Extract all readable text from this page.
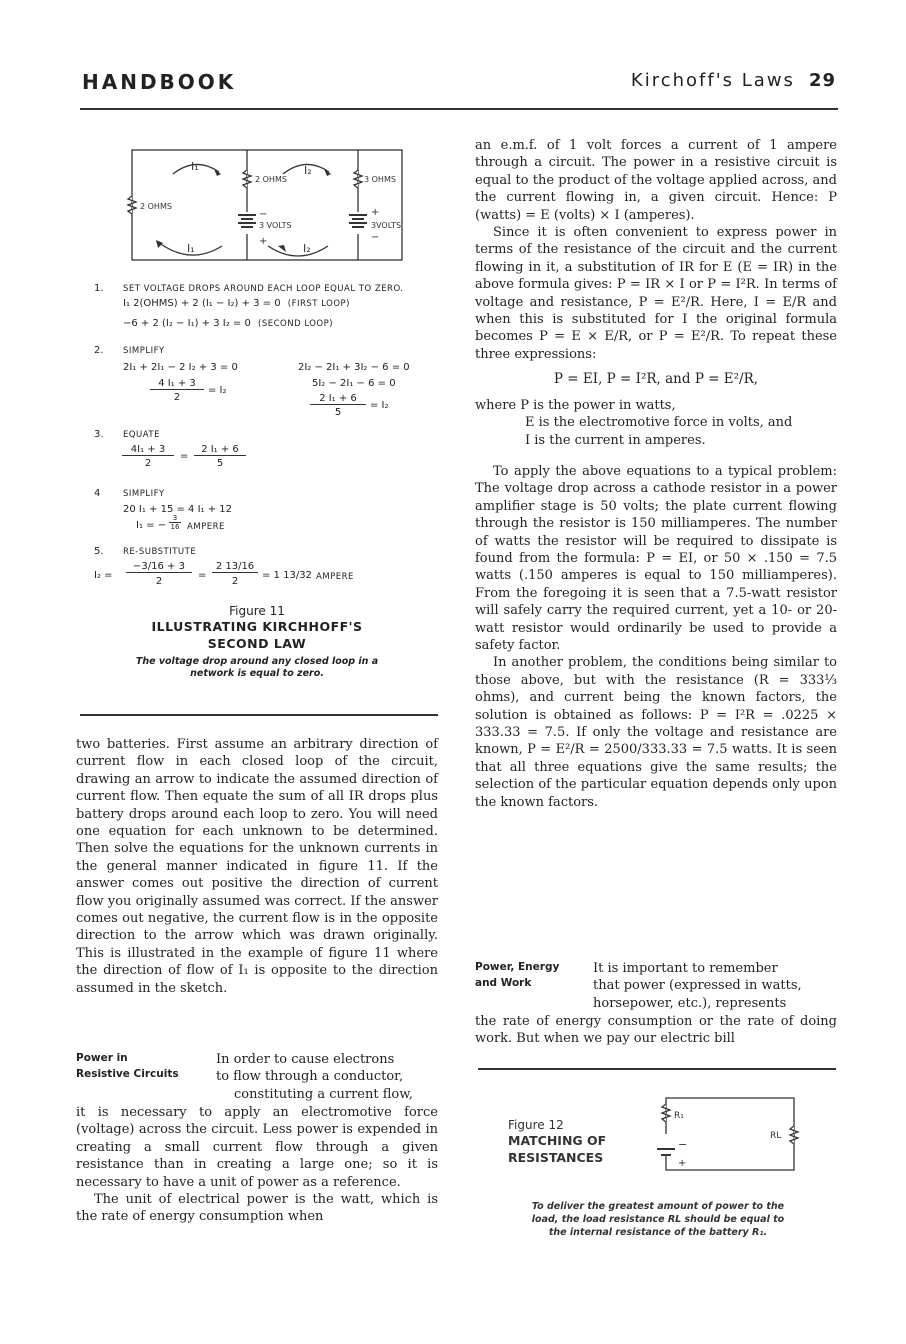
HANDBOOK	Kirchoff's Laws 29
I₁
2 OHMS
I₂
3 OHMS
2 OHMS
3 VOLTS	3VOLTS
−
+
+
−
I₁	I₂
1. SET VOLTAGE DROPS AROUND EACH LOOP EQUAL TO ZERO.
I₁ 2(OHMS) + 2 (I₁ − I₂) + 3 = 0 (FIRST LOOP)
−6 + 2 (I₂ − I₁) + 3 I₂ = 0 (SECOND LOOP)
2. SIMPLIFY
2I₁ + 2I₁ − 2 I₂ + 3 = 0
4 I₁ + 3
2
= I₂
2I₂ − 2I₁ + 3I₂ − 6 = 0
5I₂ − 2I₁ − 6 = 0
2 I₁ + 6
5
= I₂
3. EQUATE
4I₁ + 3
2
=
2 I₁ + 6
5
4	SIMPLIFY
20 I₁ + 15 = 4 I₁ + 12
I₁ = −
3
16 AMPERE
5. RE-SUBSTITUTE
I₂ =
−3/16 + 3
2
=
2 13/16
2
= 1 13/32 AMPERE
Figure 11
ILLUSTRATING KIRCHHOFF'S
SECOND LAW
The voltage drop around any closed loop in a
network is equal to zero.

two batteries. First assume an arbitrary direction of current flow in each closed loop of the circuit, drawing an arrow to indicate the assumed direction of current flow. Then equate the sum of all IR drops plus battery drops around each loop to zero. You will need one equation for each unknown to be determined. Then solve the equations for the unknown currents in the general manner indicated in figure 11. If the answer comes out positive the direction of current flow you originally assumed was correct. If the answer comes out negative, the current flow is in the opposite direction to the arrow which was drawn originally. This is illustrated in the example of figure 11 where the direction of flow of I₁ is opposite to the direction assumed in the sketch.

Power in
Resistive Circuits
In order to cause electrons
to flow through a conductor,
constituting a current flow,

it is necessary to apply an electromotive force (voltage) across the circuit. Less power is expended in creating a small current flow through a given resistance than in creating a large one; so it is necessary to have a unit of power as a reference.

The unit of electrical power is the watt, which is the rate of energy consumption when

an e.m.f. of 1 volt forces a current of 1 ampere through a circuit. The power in a resistive circuit is equal to the product of the voltage applied across, and the current flowing in, a given circuit. Hence: P (watts) = E (volts) × I (amperes).

Since it is often convenient to express power in terms of the resistance of the circuit and the current flowing in it, a substitution of IR for E (E = IR) in the above formula gives: P = IR × I or P = I²R. In terms of voltage and resistance, P = E²/R. Here, I = E/R and when this is substituted for I the original formula becomes P = E × E/R, or P = E²/R. To repeat these three expressions:

P = EI, P = I²R, and P = E²/R,
where P is the power in watts,
E is the electromotive force in volts, and
I is the current in amperes.

To apply the above equations to a typical problem: The voltage drop across a cathode resistor in a power amplifier stage is 50 volts; the plate current flowing through the resistor is 150 milliamperes. The number of watts the resistor will be required to dissipate is found from the formula: P = EI, or 50 × .150 = 7.5 watts (.150 amperes is equal to 150 milliamperes). From the foregoing it is seen that a 7.5-watt resistor will safely carry the required current, yet a 10- or 20-watt resistor would ordinarily be used to provide a safety factor.

In another problem, the conditions being similar to those above, but with the resistance (R = 333⅓ ohms), and current being the known factors, the solution is obtained as follows: P = I²R = .0225 × 333.33 = 7.5. If only the voltage and resistance are known, P = E²/R = 2500/333.33 = 7.5 watts. It is seen that all three equations give the same results; the selection of the particular equation depends only upon the known factors.

Power, Energy
and Work
It is important to remember
that power (expressed in watts,
horsepower, etc.), represents

the rate of energy consumption or the rate of doing work. But when we pay our electric bill

Figure 12
MATCHING OF
RESISTANCES
R₁
RL
−
+
To deliver the greatest amount of power to the
load, the load resistance RL should be equal to
the internal resistance of the battery R₁.
